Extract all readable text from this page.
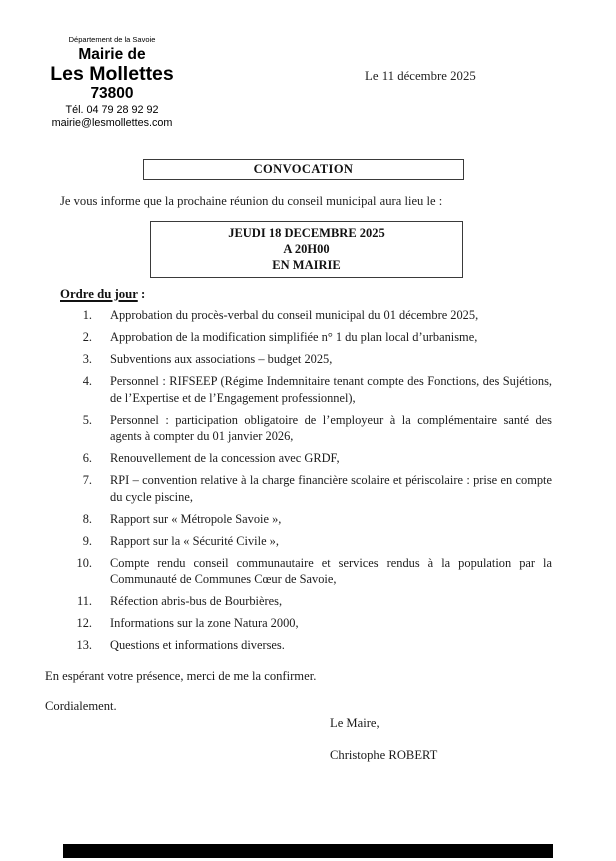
Département de la Savoie
Mairie de
Les Mollettes
73800
Tél. 04 79 28 92 92
mairie@lesmollettes.com
Le 11 décembre 2025
CONVOCATION

Je vous informe que la prochaine réunion du conseil municipal aura lieu le :

JEUDI 18 DECEMBRE 2025
A 20H00
EN MAIRIE
Ordre du jour :
1. Approbation du procès-verbal du conseil municipal du 01 décembre 2025,
2. Approbation de la modification simplifiée n° 1 du plan local d’urbanisme,
3. Subventions aux associations – budget 2025,
4. Personnel : RIFSEEP (Régime Indemnitaire tenant compte des Fonctions, des Sujétions, de l’Expertise et de l’Engagement professionnel),
5. Personnel : participation obligatoire de l’employeur à la complémentaire santé des agents à compter du 01 janvier 2026,
6. Renouvellement de la concession avec GRDF,
7. RPI – convention relative à la charge financière scolaire et périscolaire : prise en compte du cycle piscine,
8. Rapport sur « Métropole Savoie »,
9. Rapport sur la « Sécurité Civile »,
10. Compte rendu conseil communautaire et services rendus à la population par la Communauté de Communes Cœur de Savoie,
11. Réfection abris-bus de Bourbières,
12. Informations sur la zone Natura 2000,
13. Questions et informations diverses.

En espérant votre présence, merci de me la confirmer.

Cordialement.

Le Maire,
Christophe ROBERT
